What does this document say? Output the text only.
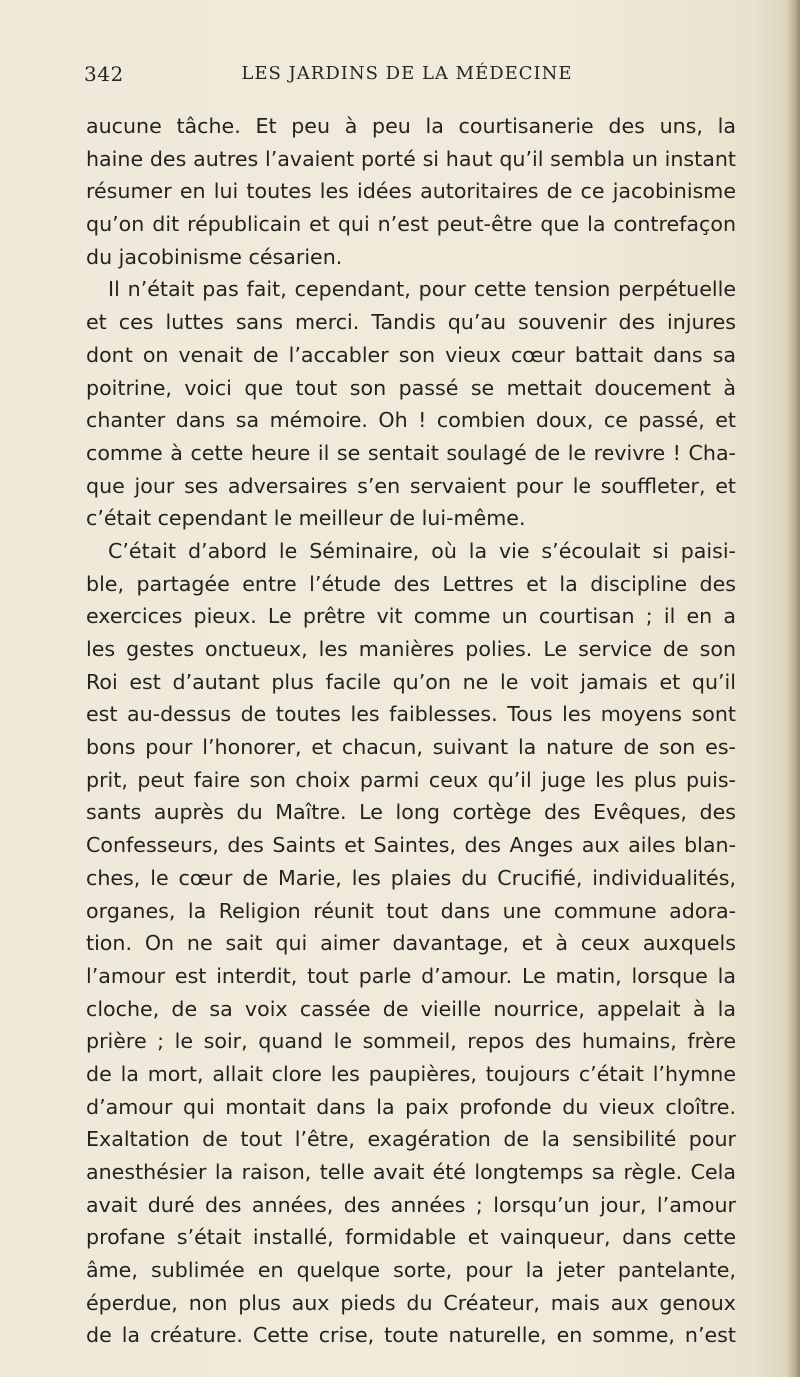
342	LES JARDINS DE LA MÉDECINE
aucune tâche. Et peu à peu la courtisanerie des uns, la
haine des autres l’avaient porté si haut qu’il sembla un instant
résumer en lui toutes les idées autoritaires de ce jacobinisme
qu’on dit républicain et qui n’est peut-être que la contrefaçon
du jacobinisme césarien.
Il n’était pas fait, cependant, pour cette tension perpétuelle
et ces luttes sans merci. Tandis qu’au souvenir des injures
dont on venait de l’accabler son vieux cœur battait dans sa
poitrine, voici que tout son passé se mettait doucement à
chanter dans sa mémoire. Oh ! combien doux, ce passé, et
comme à cette heure il se sentait soulagé de le revivre ! Cha-
que jour ses adversaires s’en servaient pour le souffleter, et
c’était cependant le meilleur de lui-même.
C’était d’abord le Séminaire, où la vie s’écoulait si paisi-
ble, partagée entre l’étude des Lettres et la discipline des
exercices pieux. Le prêtre vit comme un courtisan ; il en a
les gestes onctueux, les manières polies. Le service de son
Roi est d’autant plus facile qu’on ne le voit jamais et qu’il
est au-dessus de toutes les faiblesses. Tous les moyens sont
bons pour l’honorer, et chacun, suivant la nature de son es-
prit, peut faire son choix parmi ceux qu’il juge les plus puis-
sants auprès du Maître. Le long cortège des Evêques, des
Confesseurs, des Saints et Saintes, des Anges aux ailes blan-
ches, le cœur de Marie, les plaies du Crucifié, individualités,
organes, la Religion réunit tout dans une commune adora-
tion. On ne sait qui aimer davantage, et à ceux auxquels
l’amour est interdit, tout parle d’amour. Le matin, lorsque la
cloche, de sa voix cassée de vieille nourrice, appelait à la
prière ; le soir, quand le sommeil, repos des humains, frère
de la mort, allait clore les paupières, toujours c’était l’hymne
d’amour qui montait dans la paix profonde du vieux cloître.
Exaltation de tout l’être, exagération de la sensibilité pour
anesthésier la raison, telle avait été longtemps sa règle. Cela
avait duré des années, des années ; lorsqu’un jour, l’amour
profane s’était installé, formidable et vainqueur, dans cette
âme, sublimée en quelque sorte, pour la jeter pantelante,
éperdue, non plus aux pieds du Créateur, mais aux genoux
de la créature. Cette crise, toute naturelle, en somme, n’est
